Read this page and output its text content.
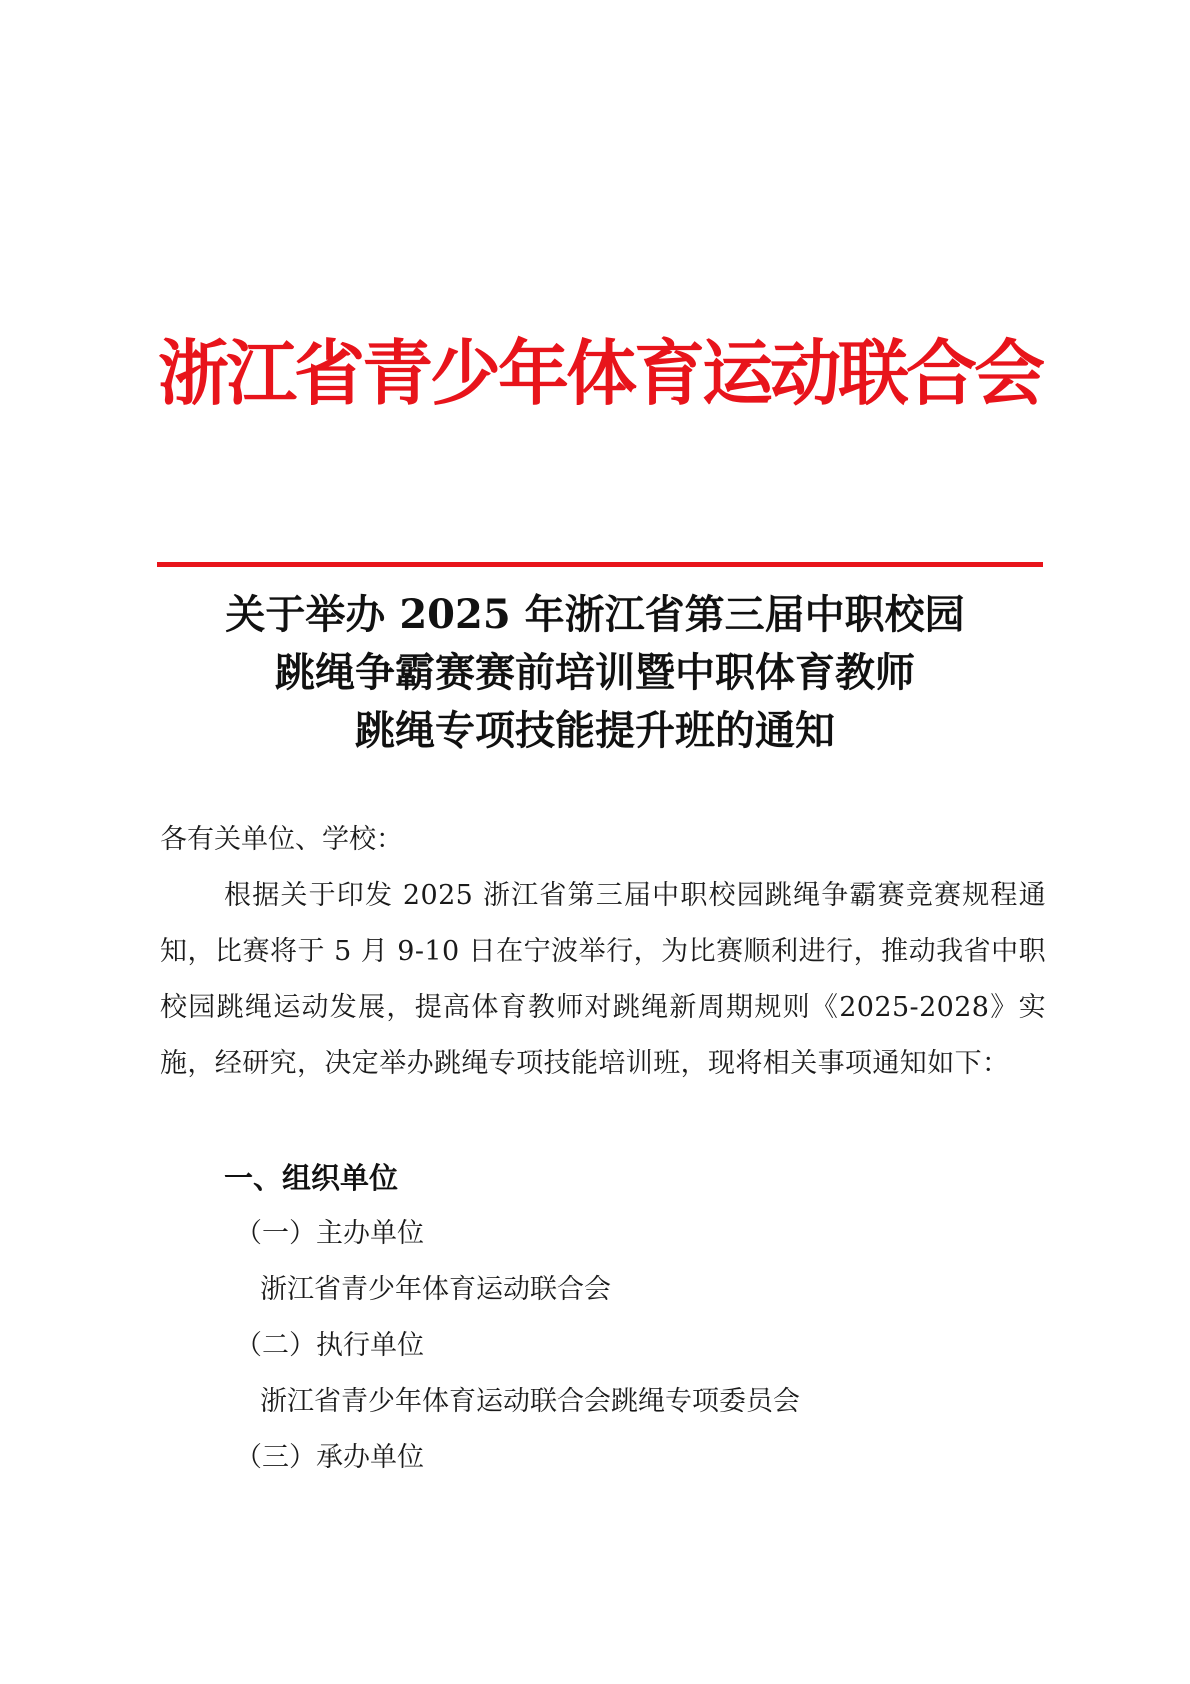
浙江省青少年体育运动联合会
关于举办 2025 年浙江省第三届中职校园
跳绳争霸赛赛前培训暨中职体育教师
跳绳专项技能提升班的通知

各有关单位、学校：

根据关于印发 2025 浙江省第三届中职校园跳绳争霸赛竞赛规程通知，比赛将于 5 月 9-10 日在宁波举行，为比赛顺利进行，推动我省中职校园跳绳运动发展，提高体育教师对跳绳新周期规则《2025-2028》实施，经研究，决定举办跳绳专项技能培训班，现将相关事项通知如下：

一、组织单位
（一）主办单位
浙江省青少年体育运动联合会
（二）执行单位
浙江省青少年体育运动联合会跳绳专项委员会
（三）承办单位
